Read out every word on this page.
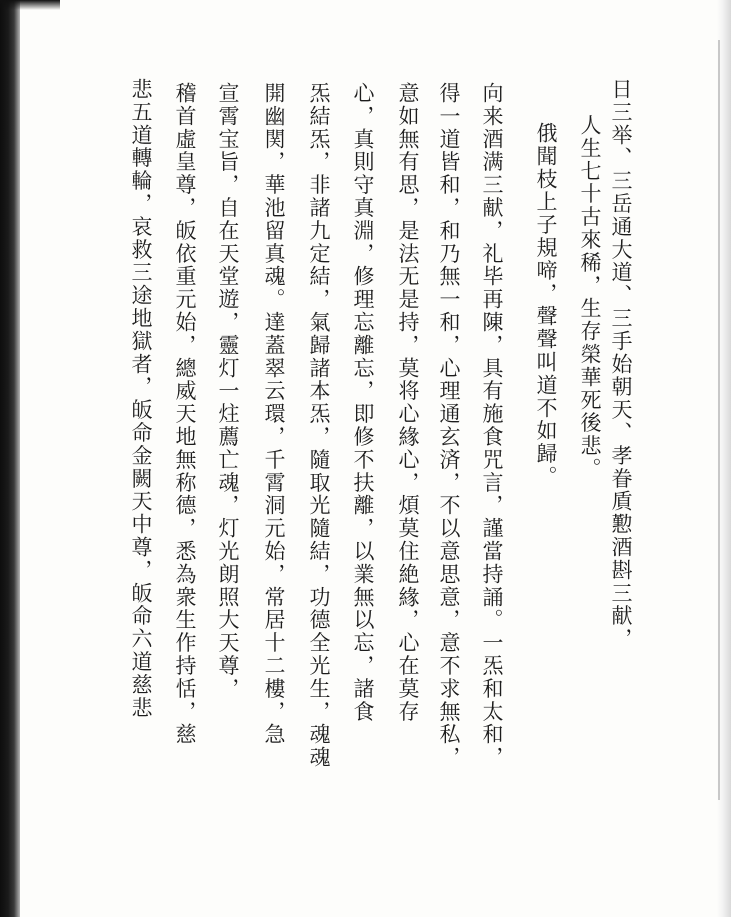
日三举、三岳通大道、三手始朝天、孝眷貭懃酒斟三献，
人生七十古來稀，生存榮華死後悲。
俄聞枝上子規啼，聲聲叫道不如歸。
向来酒满三献，礼毕再陳，具有施食咒言，謹當持誦。一炁和太和，
得一道皆和，和乃無一和，心理通玄済，不以意思意，意不求無私，
意如無有思，是法无是持，莫将心緣心，煩莫住絶緣，心在莫存
心，真則守真淵，修理忘離忘，即修不扶離，以業無以忘，諸食
炁結炁，非諸九定結，氣歸諸本炁，隨取光隨結，功德全光生，魂魂
開幽関，華池留真魂。達蓋翠云環，千霄洞元始，常居十二樓，急
宣霄宝旨，自在天堂遊，靈灯一炷薦亡魂，灯光朗照大天尊，
稽首虛皇尊，皈依重元始，總威天地無称德，悉為衆生作持恬，慈
悲五道轉輪，哀救三途地獄者，皈命金闕天中尊，皈命六道慈悲
